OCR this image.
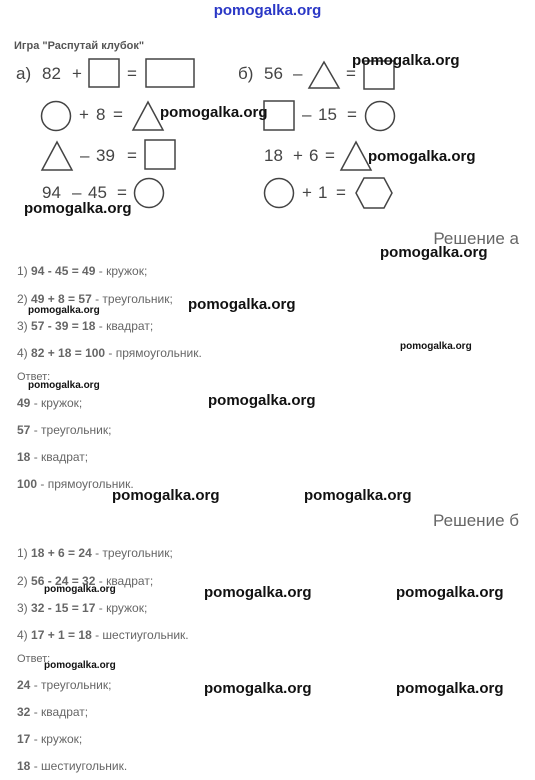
pomogalka.org
Игра "Распутай клубок"
а) 82 +	=
+ 8 =
– 39 =
94 – 45 =
б) 56 –	=
– 15 =
18 + 6 =
+ 1 =
Решение а
1) 94 - 45 = 49 - кружок;
2) 49 + 8 = 57 - треугольник;
3) 57 - 39 = 18 - квадрат;
4) 82 + 18 = 100 - прямоугольник.
Ответ:
49 - кружок;
57 - треугольник;
18 - квадрат;
100 - прямоугольник.
Решение б
1) 18 + 6 = 24 - треугольник;
2) 56 - 24 = 32 - квадрат;
3) 32 - 15 = 17 - кружок;
4) 17 + 1 = 18 - шестиугольник.
Ответ:
24 - треугольник;
32 - квадрат;
17 - кружок;
18 - шестиугольник.
pomogalka.org
pomogalka.org
pomogalka.org
pomogalka.org
pomogalka.org
pomogalka.org
pomogalka.org
pomogalka.org
pomogalka.org
pomogalka.org
pomogalka.org	pomogalka.org
pomogalka.org	pomogalka.org	pomogalka.org
pomogalka.org
pomogalka.org	pomogalka.org
